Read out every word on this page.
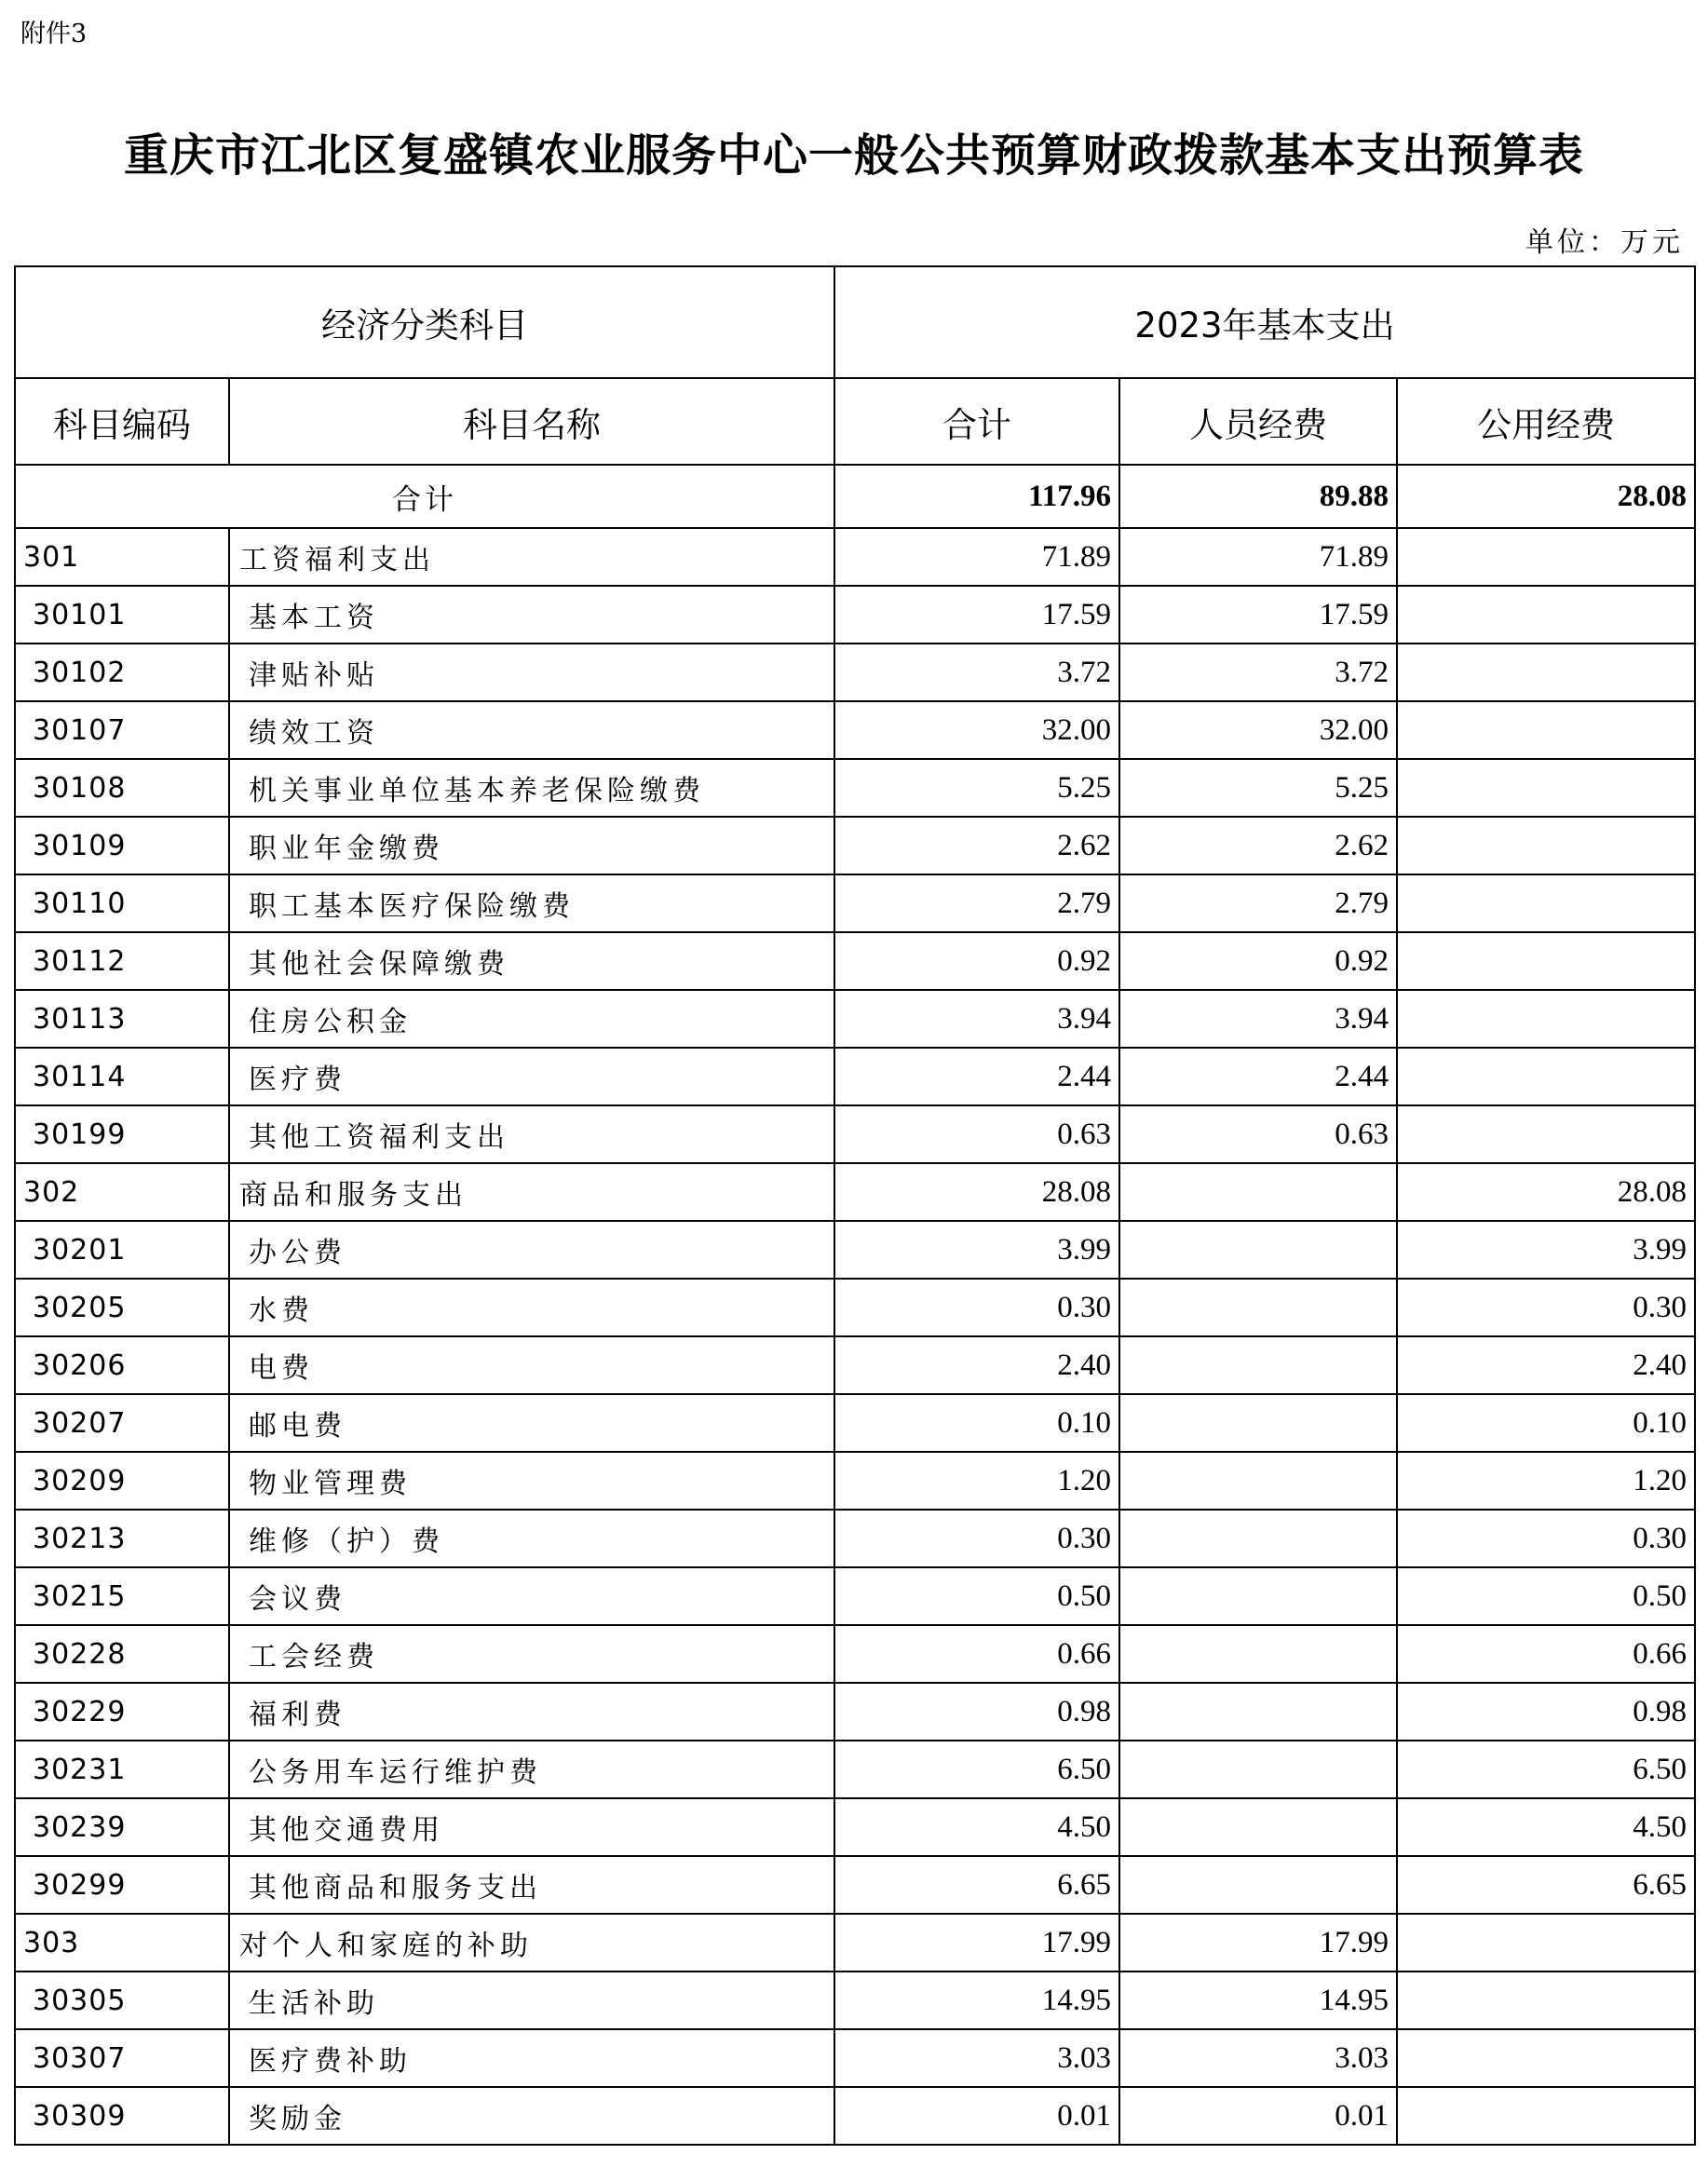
附件3
重庆市江北区复盛镇农业服务中心一般公共预算财政拨款基本支出预算表
单位：万元
经济分类科目		2023年基本支出		
科目编码	科目名称	合计	人员经费	公用经费
合计		117.96	89.88	28.08
301	工资福利支出	71.89	71.89	
30101	基本工资	17.59	17.59	
30102	津贴补贴	3.72	3.72	
30107	绩效工资	32.00	32.00	
30108	机关事业单位基本养老保险缴费	5.25	5.25	
30109	职业年金缴费	2.62	2.62	
30110	职工基本医疗保险缴费	2.79	2.79	
30112	其他社会保障缴费	0.92	0.92	
30113	住房公积金	3.94	3.94	
30114	医疗费	2.44	2.44	
30199	其他工资福利支出	0.63	0.63	
302	商品和服务支出	28.08		28.08
30201	办公费	3.99		3.99
30205	水费	0.30		0.30
30206	电费	2.40		2.40
30207	邮电费	0.10		0.10
30209	物业管理费	1.20		1.20
30213	维修（护）费	0.30		0.30
30215	会议费	0.50		0.50
30228	工会经费	0.66		0.66
30229	福利费	0.98		0.98
30231	公务用车运行维护费	6.50		6.50
30239	其他交通费用	4.50		4.50
30299	其他商品和服务支出	6.65		6.65
303	对个人和家庭的补助	17.99	17.99	
30305	生活补助	14.95	14.95	
30307	医疗费补助	3.03	3.03	
30309	奖励金	0.01	0.01	
